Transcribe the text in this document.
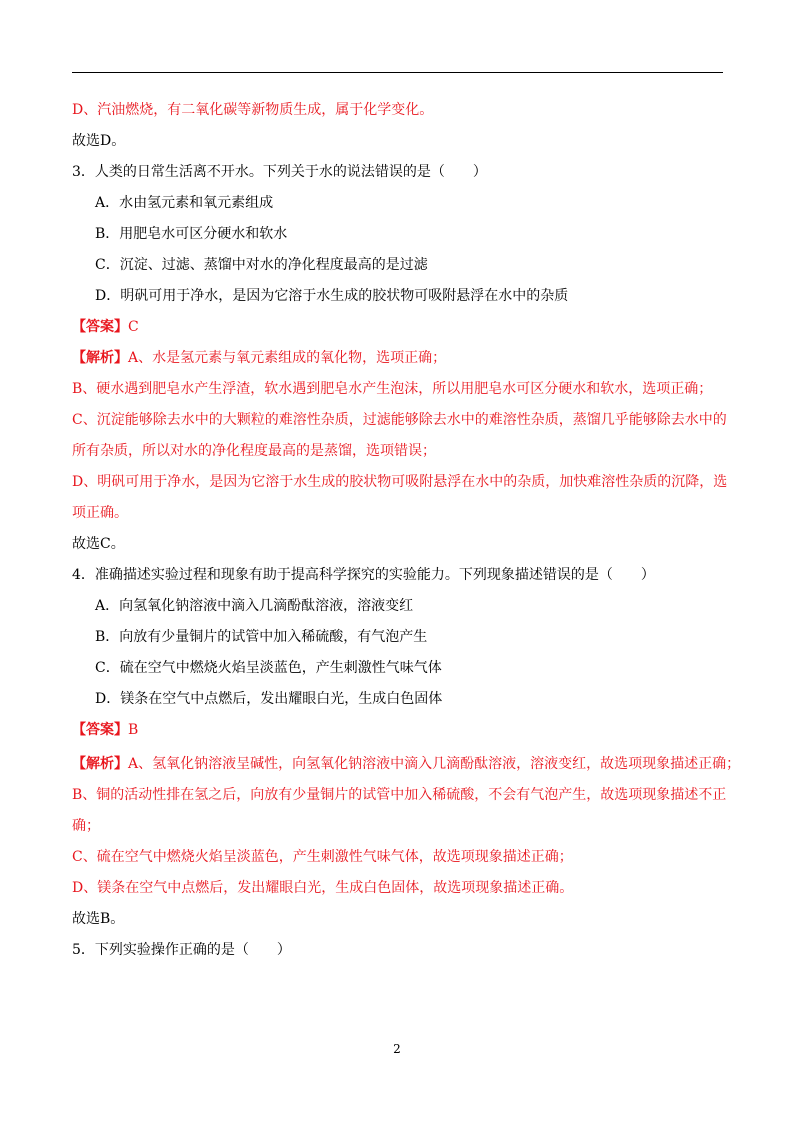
D、汽油燃烧，有二氧化碳等新物质生成，属于化学变化。
故选D。
3．人类的日常生活离不开水。下列关于水的说法错误的是（　　）
A．水由氢元素和氧元素组成
B．用肥皂水可区分硬水和软水
C．沉淀、过滤、蒸馏中对水的净化程度最高的是过滤
D．明矾可用于净水，是因为它溶于水生成的胶状物可吸附悬浮在水中的杂质
【答案】C
【解析】A、水是氢元素与氧元素组成的氧化物，选项正确；
B、硬水遇到肥皂水产生浮渣，软水遇到肥皂水产生泡沫，所以用肥皂水可区分硬水和软水，选项正确；
C、沉淀能够除去水中的大颗粒的难溶性杂质，过滤能够除去水中的难溶性杂质，蒸馏几乎能够除去水中的
所有杂质，所以对水的净化程度最高的是蒸馏，选项错误；
D、明矾可用于净水，是因为它溶于水生成的胶状物可吸附悬浮在水中的杂质，加快难溶性杂质的沉降，选
项正确。
故选C。
4．准确描述实验过程和现象有助于提高科学探究的实验能力。下列现象描述错误的是（　　）
A．向氢氧化钠溶液中滴入几滴酚酞溶液，溶液变红
B．向放有少量铜片的试管中加入稀硫酸，有气泡产生
C．硫在空气中燃烧火焰呈淡蓝色，产生刺激性气味气体
D．镁条在空气中点燃后，发出耀眼白光，生成白色固体
【答案】B
【解析】A、氢氧化钠溶液呈碱性，向氢氧化钠溶液中滴入几滴酚酞溶液，溶液变红，故选项现象描述正确；
B、铜的活动性排在氢之后，向放有少量铜片的试管中加入稀硫酸，不会有气泡产生，故选项现象描述不正
确；
C、硫在空气中燃烧火焰呈淡蓝色，产生刺激性气味气体，故选项现象描述正确；
D、镁条在空气中点燃后，发出耀眼白光，生成白色固体，故选项现象描述正确。
故选B。
5．下列实验操作正确的是（　　）
2
